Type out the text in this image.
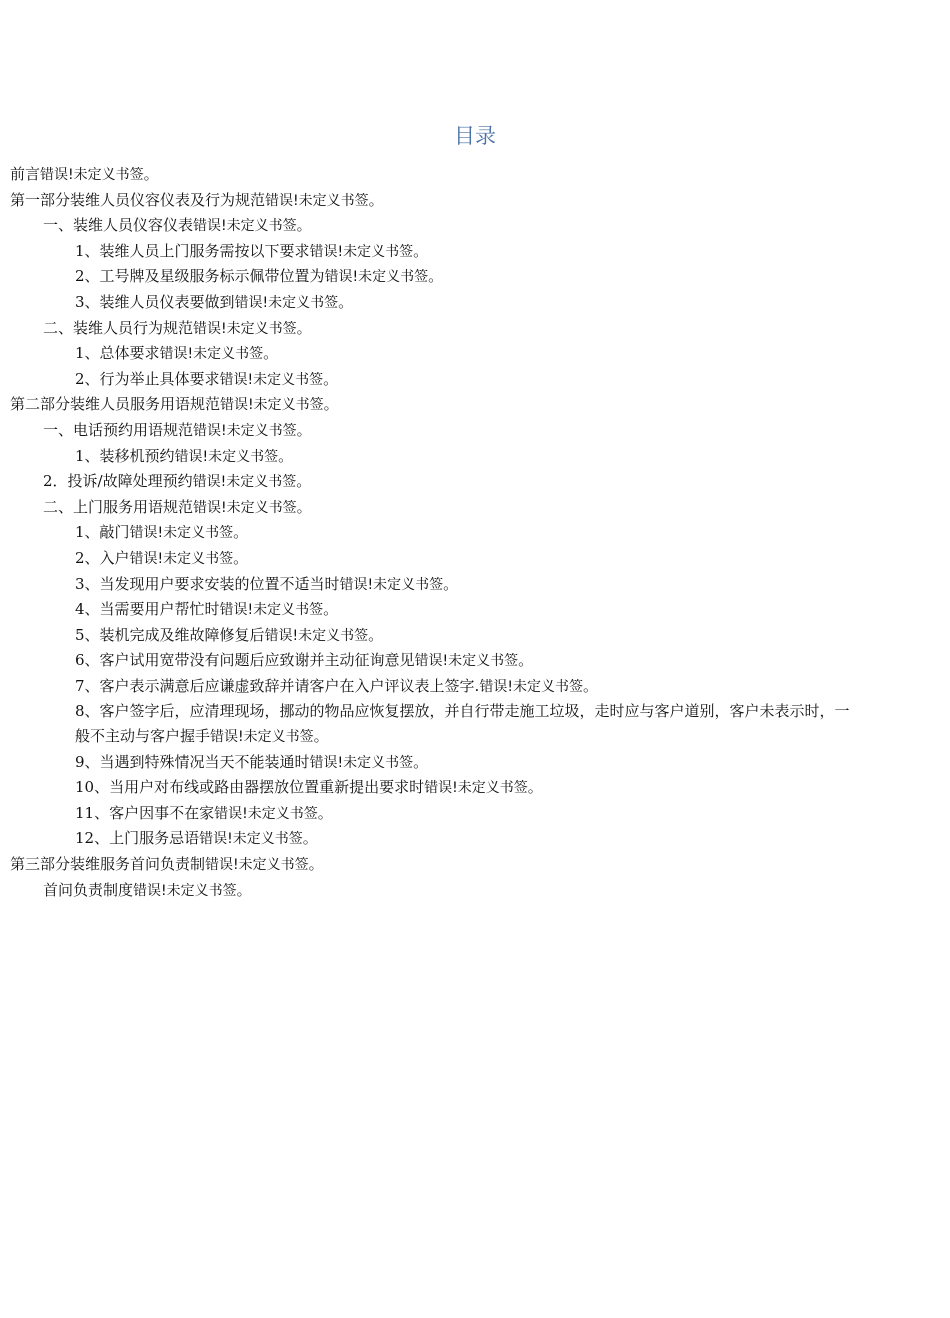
目录
前言错误!未定义书签。
第一部分装维人员仪容仪表及行为规范错误!未定义书签。
一、装维人员仪容仪表错误!未定义书签。
1、装维人员上门服务需按以下要求错误!未定义书签。
2、工号牌及星级服务标示佩带位置为错误!未定义书签。
3、装维人员仪表要做到错误!未定义书签。
二、装维人员行为规范错误!未定义书签。
1、总体要求错误!未定义书签。
2、行为举止具体要求错误!未定义书签。
第二部分装维人员服务用语规范错误!未定义书签。
一、电话预约用语规范错误!未定义书签。
1、装移机预约错误!未定义书签。
2．投诉/故障处理预约错误!未定义书签。
二、上门服务用语规范错误!未定义书签。
1、敲门错误!未定义书签。
2、入户错误!未定义书签。
3、当发现用户要求安装的位置不适当时错误!未定义书签。
4、当需要用户帮忙时错误!未定义书签。
5、装机完成及维故障修复后错误!未定义书签。
6、客户试用宽带没有问题后应致谢并主动征询意见错误!未定义书签。
7、客户表示满意后应谦虚致辞并请客户在入户评议表上签字.错误!未定义书签。
8、客户签字后，应清理现场，挪动的物品应恢复摆放，并自行带走施工垃圾，走时应与客户道别，客户未表示时，一
般不主动与客户握手错误!未定义书签。
9、当遇到特殊情况当天不能装通时错误!未定义书签。
10、当用户对布线或路由器摆放位置重新提出要求时错误!未定义书签。
11、客户因事不在家错误!未定义书签。
12、上门服务忌语错误!未定义书签。
第三部分装维服务首问负责制错误!未定义书签。
首问负责制度错误!未定义书签。
